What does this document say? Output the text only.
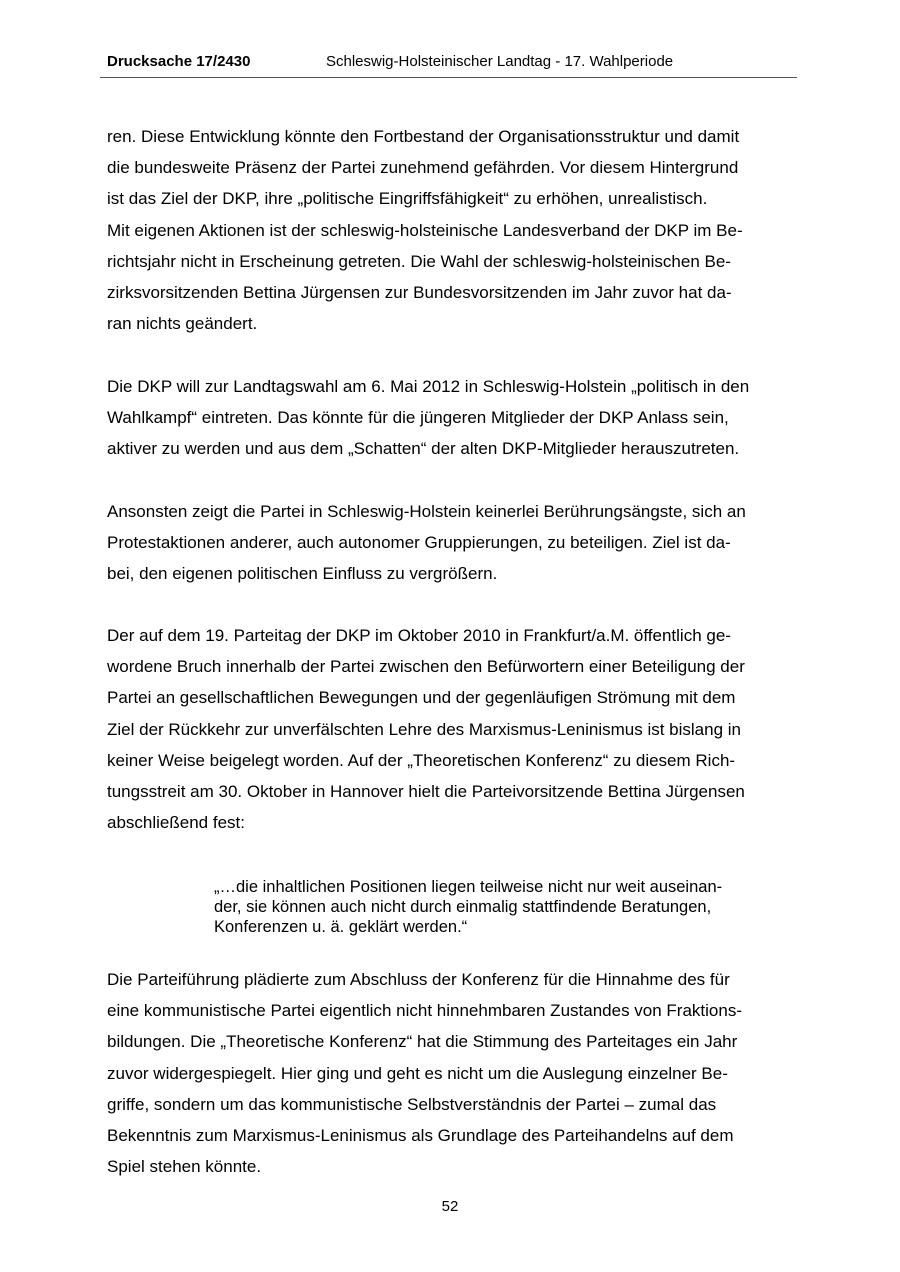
Drucksache 17/2430	Schleswig-Holsteinischer Landtag - 17. Wahlperiode
ren. Diese Entwicklung könnte den Fortbestand der Organisationsstruktur und damit
die bundesweite Präsenz der Partei zunehmend gefährden. Vor diesem Hintergrund
ist das Ziel der DKP, ihre „politische Eingriffsfähigkeit“ zu erhöhen, unrealistisch.
Mit eigenen Aktionen ist der schleswig-holsteinische Landesverband der DKP im Be-
richtsjahr nicht in Erscheinung getreten. Die Wahl der schleswig-holsteinischen Be-
zirksvorsitzenden Bettina Jürgensen zur Bundesvorsitzenden im Jahr zuvor hat da-
ran nichts geändert.
Die DKP will zur Landtagswahl am 6. Mai 2012 in Schleswig-Holstein „politisch in den
Wahlkampf“ eintreten. Das könnte für die jüngeren Mitglieder der DKP Anlass sein,
aktiver zu werden und aus dem „Schatten“ der alten DKP-Mitglieder herauszutreten.
Ansonsten zeigt die Partei in Schleswig-Holstein keinerlei Berührungsängste, sich an
Protestaktionen anderer, auch autonomer Gruppierungen, zu beteiligen. Ziel ist da-
bei, den eigenen politischen Einfluss zu vergrößern.
Der auf dem 19. Parteitag der DKP im Oktober 2010 in Frankfurt/a.M. öffentlich ge-
wordene Bruch innerhalb der Partei zwischen den Befürwortern einer Beteiligung der
Partei an gesellschaftlichen Bewegungen und der gegenläufigen Strömung mit dem
Ziel der Rückkehr zur unverfälschten Lehre des Marxismus-Leninismus ist bislang in
keiner Weise beigelegt worden. Auf der „Theoretischen Konferenz“ zu diesem Rich-
tungsstreit am 30. Oktober in Hannover hielt die Parteivorsitzende Bettina Jürgensen
abschließend fest:
„…die inhaltlichen Positionen liegen teilweise nicht nur weit auseinan-
der, sie können auch nicht durch einmalig stattfindende Beratungen,
Konferenzen u. ä. geklärt werden.“
Die Parteiführung plädierte zum Abschluss der Konferenz für die Hinnahme des für
eine kommunistische Partei eigentlich nicht hinnehmbaren Zustandes von Fraktions-
bildungen. Die „Theoretische Konferenz“ hat die Stimmung des Parteitages ein Jahr
zuvor widergespiegelt. Hier ging und geht es nicht um die Auslegung einzelner Be-
griffe, sondern um das kommunistische Selbstverständnis der Partei – zumal das
Bekenntnis zum Marxismus-Leninismus als Grundlage des Parteihandelns auf dem
Spiel stehen könnte.
52
